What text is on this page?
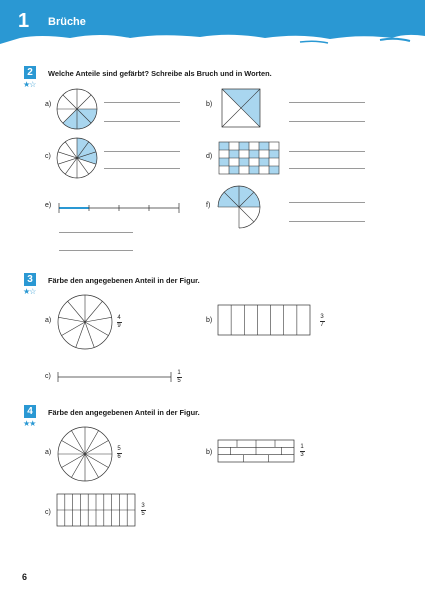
1 Brüche
2
★☆
Welche Anteile sind gefärbt? Schreibe als Bruch und in Worten.
a)	b)
c)	d)
e)	f)
3
★☆
Färbe den angegebenen Anteil in der Figur.
a)	4
9
b)	3
7
c)	1
5
4
★★
Färbe den angegebenen Anteil in der Figur.
a)	5
6
b)
1
3
c)
3
5
6
